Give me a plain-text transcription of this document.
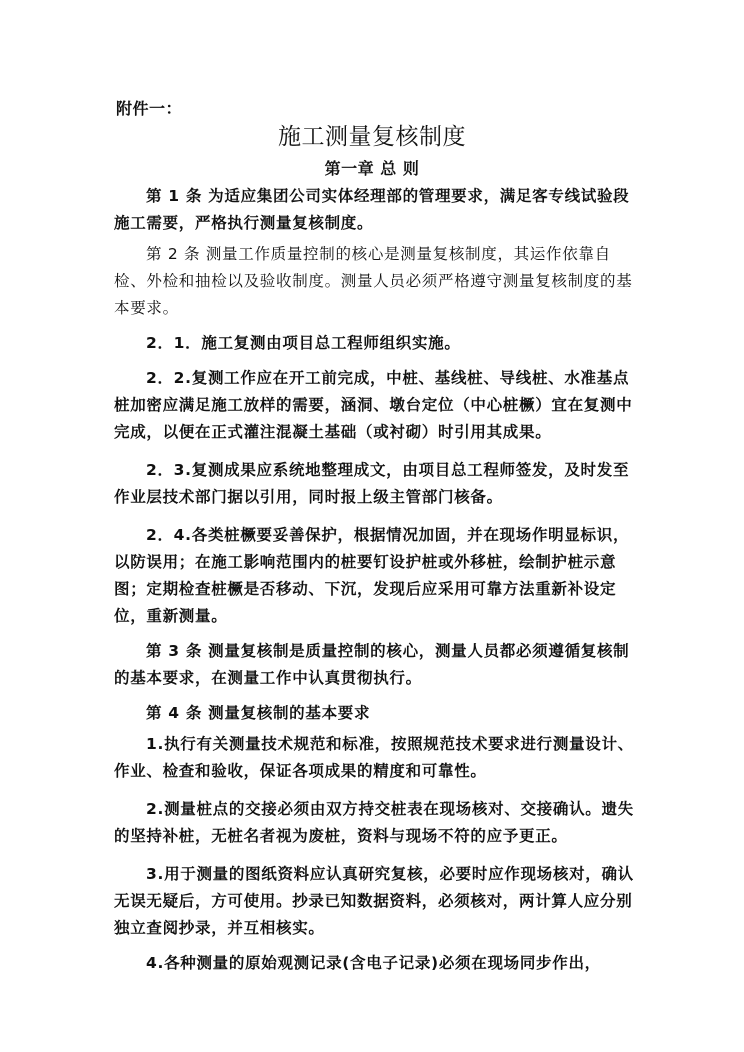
附件一：
施工测量复核制度
第一章 总 则

第 1 条 为适应集团公司实体经理部的管理要求，满足客专线试验段施工需要，严格执行测量复核制度。

第 2 条 测量工作质量控制的核心是测量复核制度，其运作依靠自检、外检和抽检以及验收制度。测量人员必须严格遵守测量复核制度的基本要求。

2．1．施工复测由项目总工程师组织实施。

2．2.复测工作应在开工前完成，中桩、基线桩、导线桩、水准基点桩加密应满足施工放样的需要，涵洞、墩台定位（中心桩橛）宜在复测中完成，以便在正式灌注混凝土基础（或衬砌）时引用其成果。

2．3.复测成果应系统地整理成文，由项目总工程师签发，及时发至作业层技术部门据以引用，同时报上级主管部门核备。

2．4.各类桩橛要妥善保护，根据情况加固，并在现场作明显标识，以防误用；在施工影响范围内的桩要钉设护桩或外移桩，绘制护桩示意图；定期检查桩橛是否移动、下沉，发现后应采用可靠方法重新补设定位，重新测量。

第 3 条 测量复核制是质量控制的核心，测量人员都必须遵循复核制的基本要求，在测量工作中认真贯彻执行。

第 4 条 测量复核制的基本要求

1.执行有关测量技术规范和标准，按照规范技术要求进行测量设计、作业、检查和验收，保证各项成果的精度和可靠性。

2.测量桩点的交接必须由双方持交桩表在现场核对、交接确认。遗失的坚持补桩，无桩名者视为废桩，资料与现场不符的应予更正。

3.用于测量的图纸资料应认真研究复核，必要时应作现场核对，确认无误无疑后，方可使用。抄录已知数据资料，必须核对，两计算人应分别独立查阅抄录，并互相核实。

4.各种测量的原始观测记录(含电子记录)必须在现场同步作出，
